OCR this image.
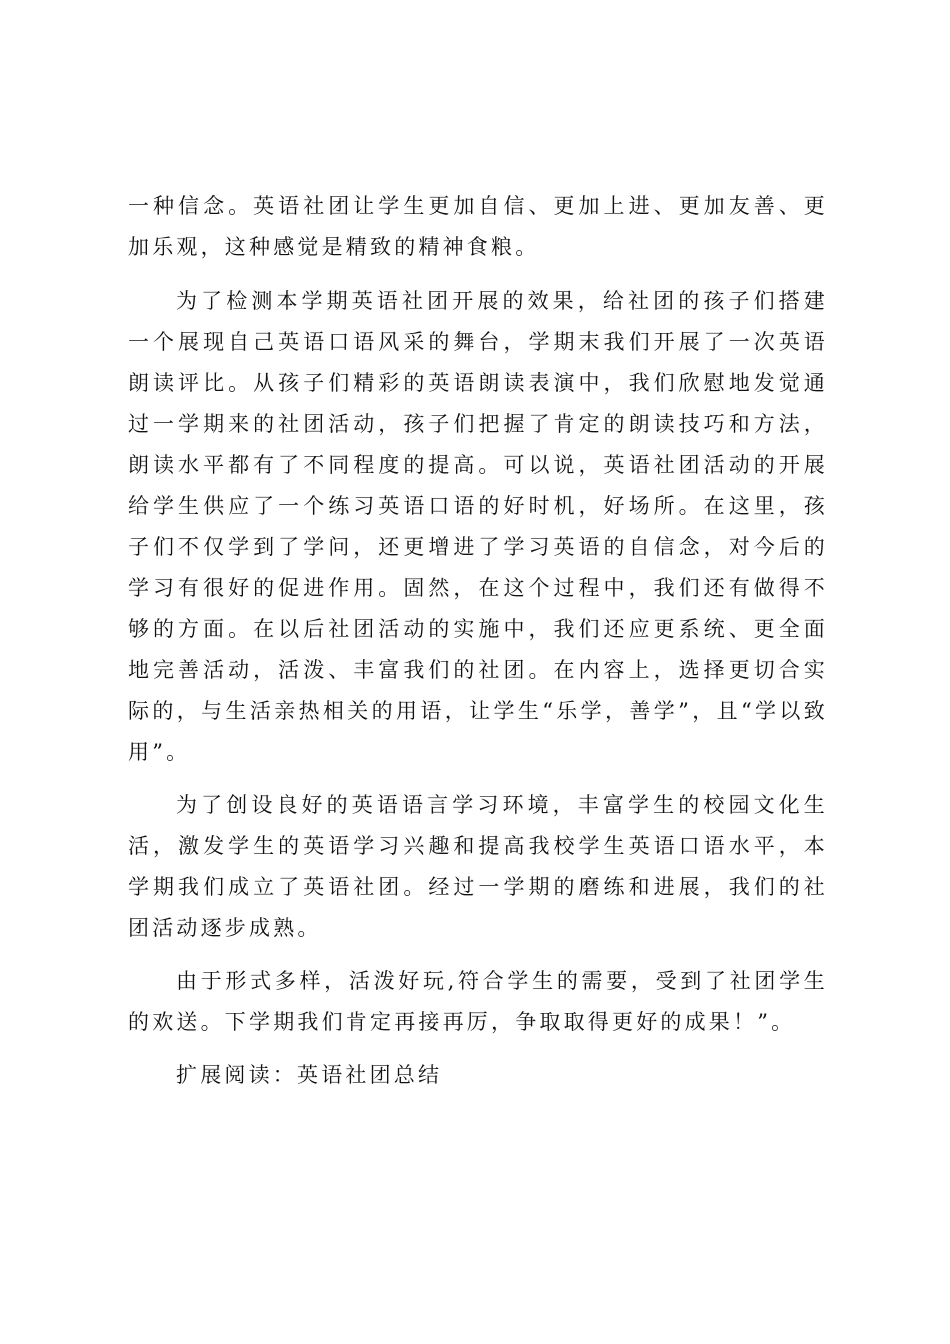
一种信念。英语社团让学生更加自信、更加上进、更加友善、更加乐观，这种感觉是精致的精神食粮。

为了检测本学期英语社团开展的效果，给社团的孩子们搭建一个展现自己英语口语风采的舞台，学期末我们开展了一次英语朗读评比。从孩子们精彩的英语朗读表演中，我们欣慰地发觉通过一学期来的社团活动，孩子们把握了肯定的朗读技巧和方法，朗读水平都有了不同程度的提高。可以说，英语社团活动的开展给学生供应了一个练习英语口语的好时机，好场所。在这里，孩子们不仅学到了学问，还更增进了学习英语的自信念，对今后的学习有很好的促进作用。固然，在这个过程中，我们还有做得不够的方面。在以后社团活动的实施中，我们还应更系统、更全面地完善活动，活泼、丰富我们的社团。在内容上，选择更切合实际的，与生活亲热相关的用语，让学生“乐学，善学”，且“学以致用”。

为了创设良好的英语语言学习环境，丰富学生的校园文化生活，激发学生的英语学习兴趣和提高我校学生英语口语水平，本学期我们成立了英语社团。经过一学期的磨练和进展，我们的社团活动逐步成熟。

由于形式多样，活泼好玩,符合学生的需要，受到了社团学生的欢送。下学期我们肯定再接再厉，争取取得更好的成果！”。

扩展阅读：英语社团总结
